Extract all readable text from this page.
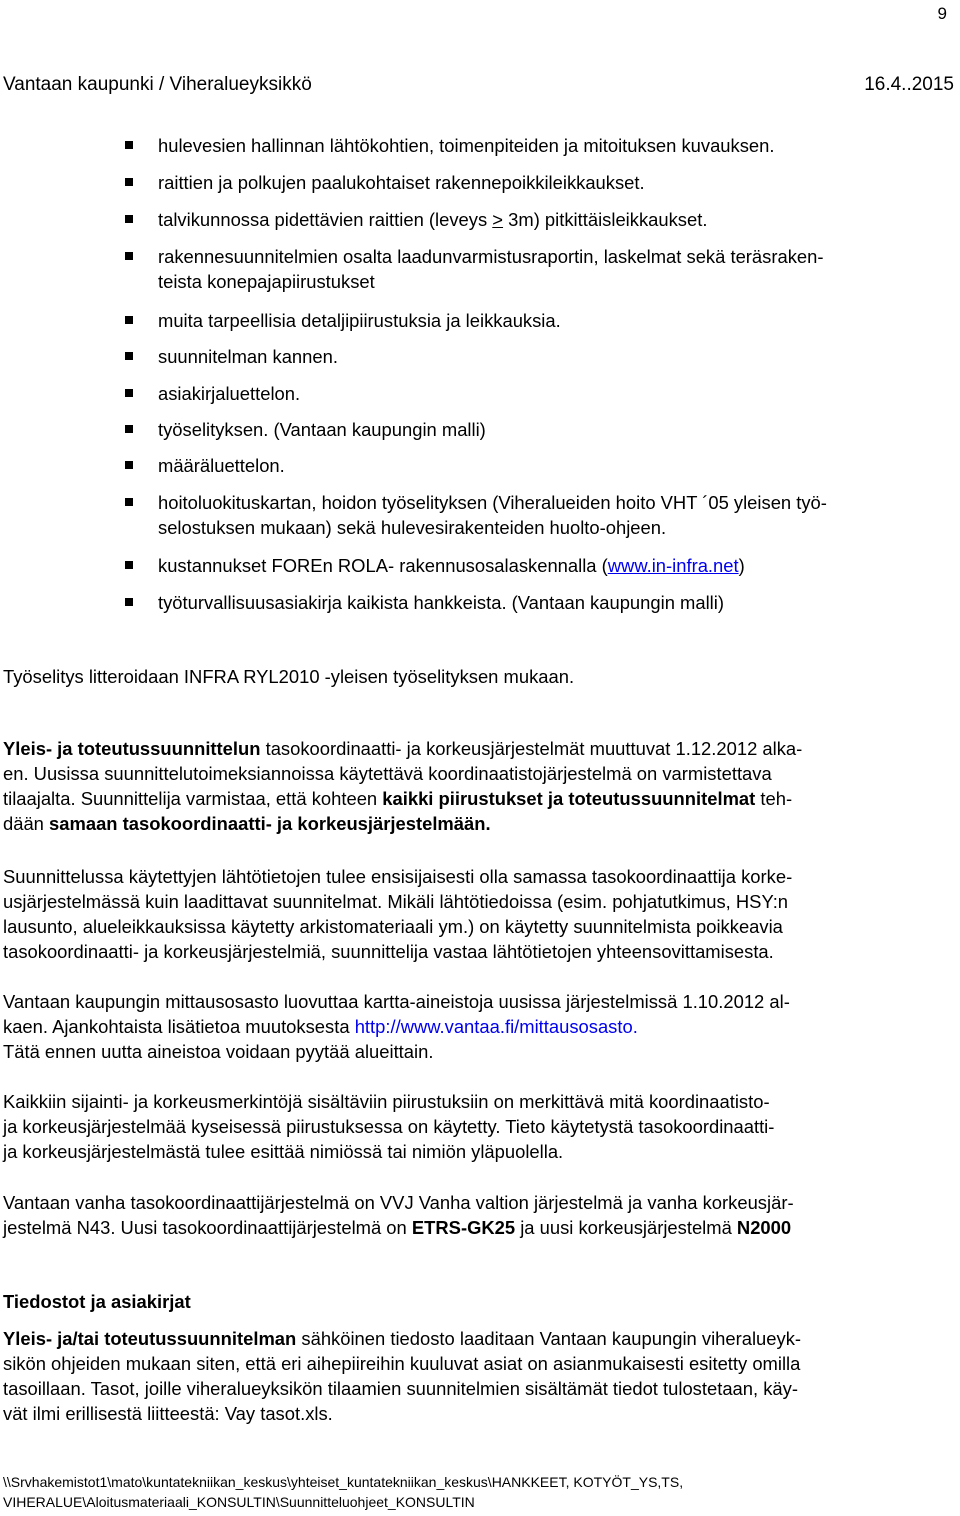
9
Vantaan kaupunki / Viheralueyksikkö	16.4..2015
hulevesien hallinnan lähtökohtien, toimenpiteiden ja mitoituksen kuvauksen.
raittien ja polkujen paalukohtaiset rakennepoikkileikkaukset.
talvikunnossa pidettävien raittien (leveys > 3m) pitkittäisleikkaukset.
rakennesuunnitelmien osalta laadunvarmistusraportin, laskelmat sekä teräsraken-
teista konepajapiirustukset
muita tarpeellisia detaljipiirustuksia ja leikkauksia.
suunnitelman kannen.
asiakirjaluettelon.
työselityksen. (Vantaan kaupungin malli)
määräluettelon.
hoitoluokituskartan, hoidon työselityksen (Viheralueiden hoito VHT ´05 yleisen työ-
selostuksen mukaan) sekä hulevesirakenteiden huolto-ohjeen.
kustannukset FOREn ROLA- rakennusosalaskennalla (www.in-infra.net)
työturvallisuusasiakirja kaikista hankkeista. (Vantaan kaupungin malli)
Työselitys litteroidaan INFRA RYL2010 -yleisen työselityksen mukaan.
Yleis- ja toteutussuunnittelun tasokoordinaatti- ja korkeusjärjestelmät muuttuvat 1.12.2012 alka-
en. Uusissa suunnittelutoimeksiannoissa käytettävä koordinaatistojärjestelmä on varmistettava
tilaajalta. Suunnittelija varmistaa, että kohteen kaikki piirustukset ja toteutussuunnitelmat teh-
dään samaan tasokoordinaatti- ja korkeusjärjestelmään.
Suunnittelussa käytettyjen lähtötietojen tulee ensisijaisesti olla samassa tasokoordinaattija korke-
usjärjestelmässä kuin laadittavat suunnitelmat. Mikäli lähtötiedoissa (esim. pohjatutkimus, HSY:n
lausunto, alueleikkauksissa käytetty arkistomateriaali ym.) on käytetty suunnitelmista poikkeavia
tasokoordinaatti- ja korkeusjärjestelmiä, suunnittelija vastaa lähtötietojen yhteensovittamisesta.
Vantaan kaupungin mittausosasto luovuttaa kartta-aineistoja uusissa järjestelmissä 1.10.2012 al-
kaen. Ajankohtaista lisätietoa muutoksesta http://www.vantaa.fi/mittausosasto.
Tätä ennen uutta aineistoa voidaan pyytää alueittain.
Kaikkiin sijainti- ja korkeusmerkintöjä sisältäviin piirustuksiin on merkittävä mitä koordinaatisto-
ja korkeusjärjestelmää kyseisessä piirustuksessa on käytetty. Tieto käytetystä tasokoordinaatti-
ja korkeusjärjestelmästä tulee esittää nimiössä tai nimiön yläpuolella.
Vantaan vanha tasokoordinaattijärjestelmä on VVJ Vanha valtion järjestelmä ja vanha korkeusjär-
jestelmä N43. Uusi tasokoordinaattijärjestelmä on ETRS-GK25 ja uusi korkeusjärjestelmä N2000
Tiedostot ja asiakirjat
Yleis- ja/tai toteutussuunnitelman sähköinen tiedosto laaditaan Vantaan kaupungin viheralueyk-
sikön ohjeiden mukaan siten, että eri aihepiireihin kuuluvat asiat on asianmukaisesti esitetty omilla
tasoillaan. Tasot, joille viheralueyksikön tilaamien suunnitelmien sisältämät tiedot tulostetaan, käy-
vät ilmi erillisestä liitteestä: Vay tasot.xls.
\\Srvhakemistot1\mato\kuntatekniikan_keskus\yhteiset_kuntatekniikan_keskus\HANKKEET, KOTYÖT_YS,TS,
VIHERALUE\Aloitusmateriaali_KONSULTIN\Suunnitteluohjeet_KONSULTIN
